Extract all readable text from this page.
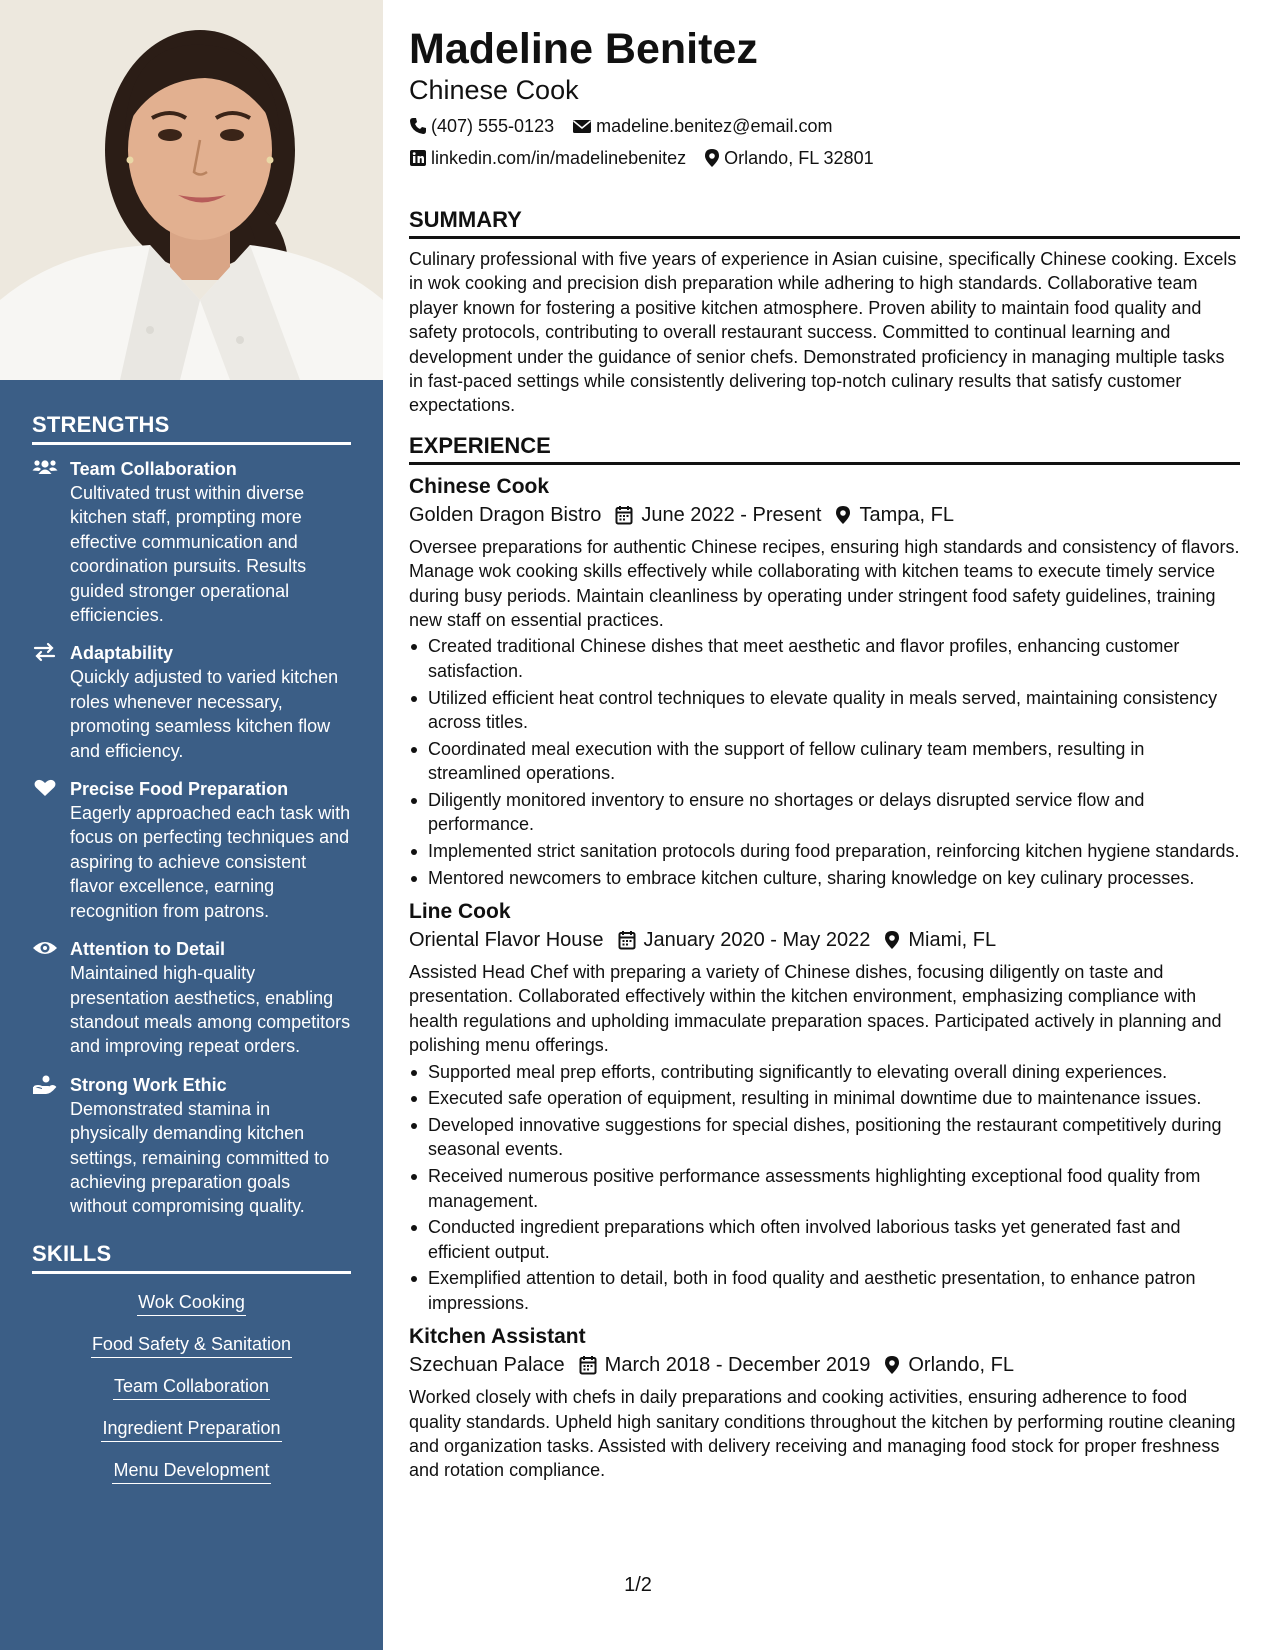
STRENGTHS
Team Collaboration
Cultivated trust within diverse kitchen staff, prompting more effective communication and coordination pursuits. Results guided stronger operational efficiencies.
Adaptability
Quickly adjusted to varied kitchen roles whenever necessary, promoting seamless kitchen flow and efficiency.
Precise Food Preparation
Eagerly approached each task with focus on perfecting techniques and aspiring to achieve consistent flavor excellence, earning recognition from patrons.
Attention to Detail
Maintained high-quality presentation aesthetics, enabling standout meals among competitors and improving repeat orders.
Strong Work Ethic
Demonstrated stamina in physically demanding kitchen settings, remaining committed to achieving preparation goals without compromising quality.
SKILLS
Wok Cooking
Food Safety & Sanitation
Team Collaboration
Ingredient Preparation
Menu Development
Madeline Benitez
Chinese Cook
(407) 555-0123 madeline.benitez@email.com
linkedin.com/in/madelinebenitez Orlando, FL 32801
SUMMARY
Culinary professional with five years of experience in Asian cuisine, specifically Chinese cooking. Excels in wok cooking and precision dish preparation while adhering to high standards. Collaborative team player known for fostering a positive kitchen atmosphere. Proven ability to maintain food quality and safety protocols, contributing to overall restaurant success. Committed to continual learning and development under the guidance of senior chefs. Demonstrated proficiency in managing multiple tasks in fast-paced settings while consistently delivering top-notch culinary results that satisfy customer expectations.
EXPERIENCE
Chinese Cook
Golden Dragon Bistro June 2022 - Present Tampa, FL
Oversee preparations for authentic Chinese recipes, ensuring high standards and consistency of flavors. Manage wok cooking skills effectively while collaborating with kitchen teams to execute timely service during busy periods. Maintain cleanliness by operating under stringent food safety guidelines, training new staff on essential practices.
Created traditional Chinese dishes that meet aesthetic and flavor profiles, enhancing customer satisfaction.
Utilized efficient heat control techniques to elevate quality in meals served, maintaining consistency across titles.
Coordinated meal execution with the support of fellow culinary team members, resulting in streamlined operations.
Diligently monitored inventory to ensure no shortages or delays disrupted service flow and performance.
Implemented strict sanitation protocols during food preparation, reinforcing kitchen hygiene standards.
Mentored newcomers to embrace kitchen culture, sharing knowledge on key culinary processes.
Line Cook
Oriental Flavor House January 2020 - May 2022 Miami, FL
Assisted Head Chef with preparing a variety of Chinese dishes, focusing diligently on taste and presentation. Collaborated effectively within the kitchen environment, emphasizing compliance with health regulations and upholding immaculate preparation spaces. Participated actively in planning and polishing menu offerings.
Supported meal prep efforts, contributing significantly to elevating overall dining experiences.
Executed safe operation of equipment, resulting in minimal downtime due to maintenance issues.
Developed innovative suggestions for special dishes, positioning the restaurant competitively during seasonal events.
Received numerous positive performance assessments highlighting exceptional food quality from management.
Conducted ingredient preparations which often involved laborious tasks yet generated fast and efficient output.
Exemplified attention to detail, both in food quality and aesthetic presentation, to enhance patron impressions.
Kitchen Assistant
Szechuan Palace March 2018 - December 2019 Orlando, FL
Worked closely with chefs in daily preparations and cooking activities, ensuring adherence to food quality standards. Upheld high sanitary conditions throughout the kitchen by performing routine cleaning and organization tasks. Assisted with delivery receiving and managing food stock for proper freshness and rotation compliance.
1/2
